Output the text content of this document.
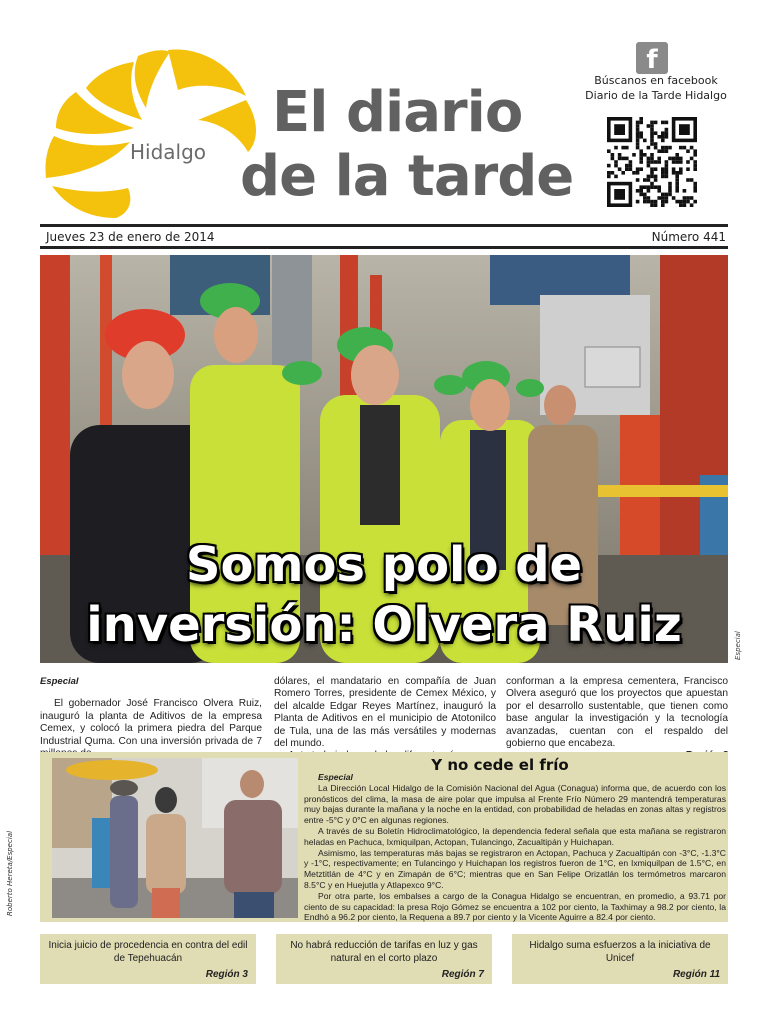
Hidalgo
El diario
de la tarde
f
Búscanos en facebook
Diario de la Tarde Hidalgo
Jueves 23 de enero de 2014	Número 441
Somos polo de
inversión: Olvera Ruiz	Especial
Especial
El gobernador José Francisco Olvera Ruiz, inauguró la planta de Aditivos de la empresa Cemex, y colocó la primera piedra del Parque Industrial Quma. Con una inversión privada de 7
dólares, el mandatario en compañía de Juan Romero Torres, presidente de Cemex México, y del alcalde Edgar Reyes Martínez, inauguró la Planta de Aditivos en el municipio de Atotonilco de Tula, una de las más versátiles y modernas del mundo.
conforman a la empresa cementera, Francisco Olvera aseguró que los proyectos que apuestan por el desarrollo sustentable, que tienen como base angular la investigación y la tecnología avanzadas, cuentan con el respaldo del gobierno que encabeza.
Roberto Hereta/Especial
Y no cede el frío
Especial
La Dirección Local Hidalgo de la Comisión Nacional del Agua (Conagua) informa que, de acuerdo con los pronósticos del clima, la masa de aire polar que impulsa al Frente Frío Número 29 mantendrá temperaturas muy bajas durante la mañana y la noche en la entidad, con probabilidad de heladas en zonas altas y registros entre -5°C y 0°C en algunas regiones.
A través de su Boletín Hidroclimatológico, la dependencia federal señala que esta mañana se registraron heladas en Pachuca, Ixmiquilpan, Actopan, Tulancingo, Zacualtipán y Huichapan.
Asimismo, las temperaturas más bajas se registraron en Actopan, Pachuca y Zacualtipán con -3°C, -1.3°C y -1°C, respectivamente; en Tulancingo y Huichapan los registros fueron de 1°C, en Ixmiquilpan de 1.5°C, en Metztitlán de 4°C y en Zimapán de 6°C; mientras que en San Felipe Orizatlán los termómetros marcaron 8.5°C y en Huejutla y Atlapexco 9°C.
Por otra parte, los embalses a cargo de la Conagua Hidalgo se encuentran, en promedio, a 93.71 por ciento de su capacidad: la presa Rojo Gómez se encuentra a 102 por ciento, la Taxhimay a 98.2 por ciento, la Endhó a 96.2 por ciento, la Requena a 89.7 por ciento y la Vicente Aguirre a 82.4 por ciento.
Inicia juicio de procedencia en contra del edil de Tepehuacán
Región 3
No habrá reducción de tarifas en luz y gas natural en el corto plazo
Región 7
Hidalgo suma esfuerzos a la iniciativa de Unicef
Región 11
